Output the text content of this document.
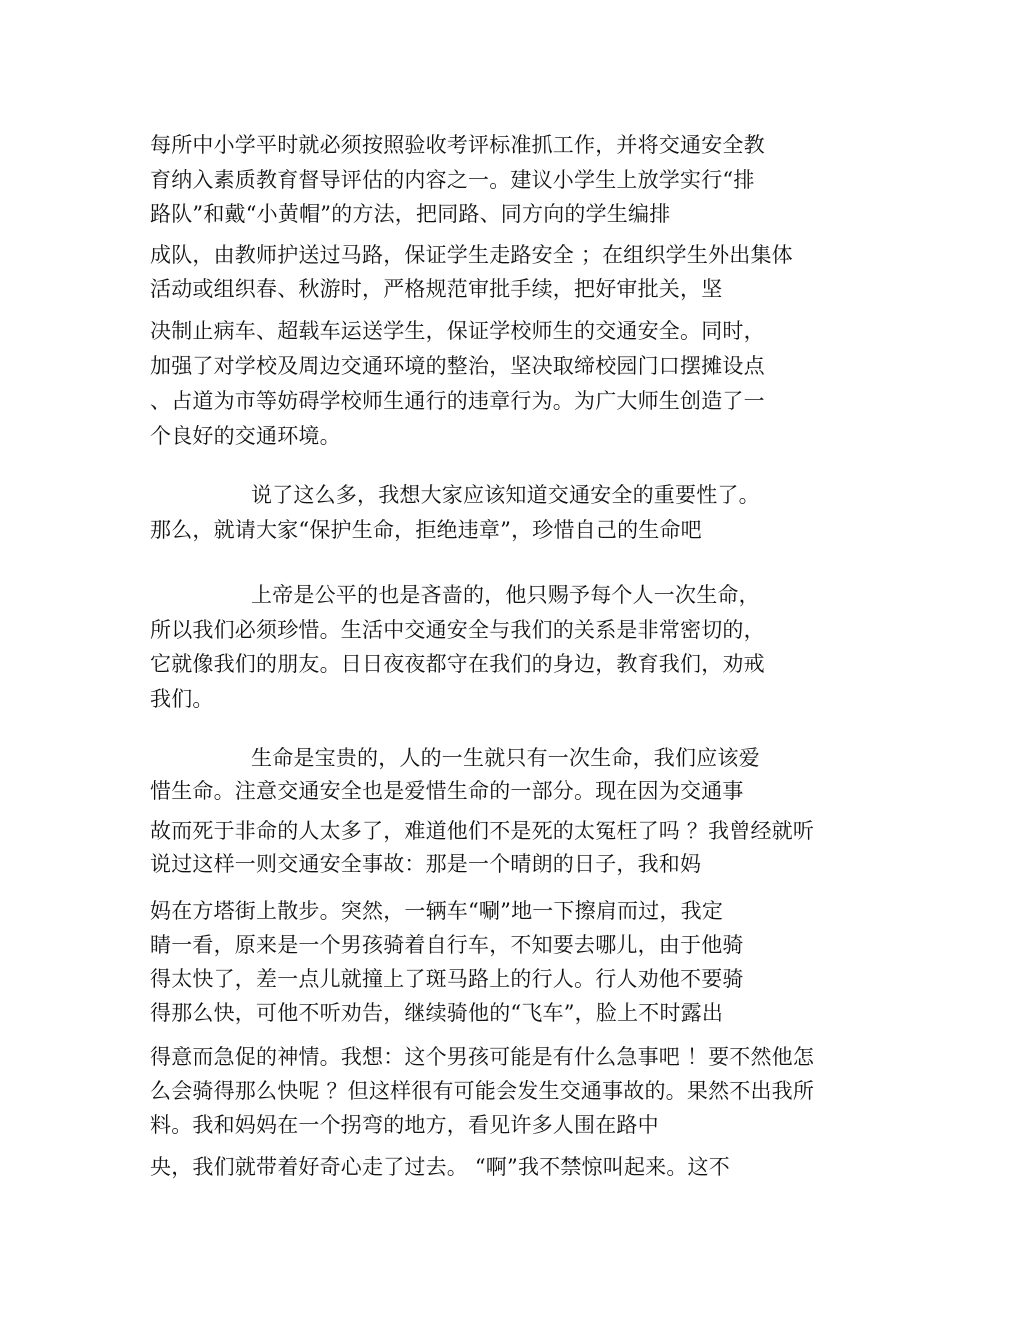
每所中小学平时就必须按照验收考评标准抓工作，并将交通安全教

育纳入素质教育督导评估的内容之一。建议小学生上放学实行“排

路队”和戴“小黄帽”的方法，把同路、同方向的学生编排

成队，由教师护送过马路，保证学生走路安全 ；在组织学生外出集体

活动或组织春、秋游时，严格规范审批手续，把好审批关，坚

决制止病车、超载车运送学生，保证学校师生的交通安全。同时，

加强了对学校及周边交通环境的整治，坚决取缔校园门口摆摊设点

、占道为市等妨碍学校师生通行的违章行为。为广大师生创造了一

个良好的交通环境。

说了这么多，我想大家应该知道交通安全的重要性了。

那么，就请大家“保护生命，拒绝违章”，珍惜自己的生命吧

上帝是公平的也是吝啬的，他只赐予每个人一次生命，

所以我们必须珍惜。生活中交通安全与我们的关系是非常密切的，

它就像我们的朋友。日日夜夜都守在我们的身边，教育我们，劝戒

我们。

生命是宝贵的，人的一生就只有一次生命，我们应该爱

惜生命。注意交通安全也是爱惜生命的一部分。现在因为交通事

故而死于非命的人太多了，难道他们不是死的太冤枉了吗 ？我曾经就听

说过这样一则交通安全事故：那是一个晴朗的日子，我和妈

妈在方塔街上散步。突然，一辆车“唰”地一下擦肩而过，我定

睛一看，原来是一个男孩骑着自行车，不知要去哪儿，由于他骑

得太快了，差一点儿就撞上了斑马路上的行人。行人劝他不要骑

得那么快，可他不听劝告，继续骑他的“飞车”，脸上不时露出

得意而急促的神情。我想：这个男孩可能是有什么急事吧 ！要不然他怎

么会骑得那么快呢 ？但这样很有可能会发生交通事故的。果然不出我所

料。我和妈妈在一个拐弯的地方，看见许多人围在路中

央，我们就带着好奇心走了过去。 “啊”我不禁惊叫起来。这不
